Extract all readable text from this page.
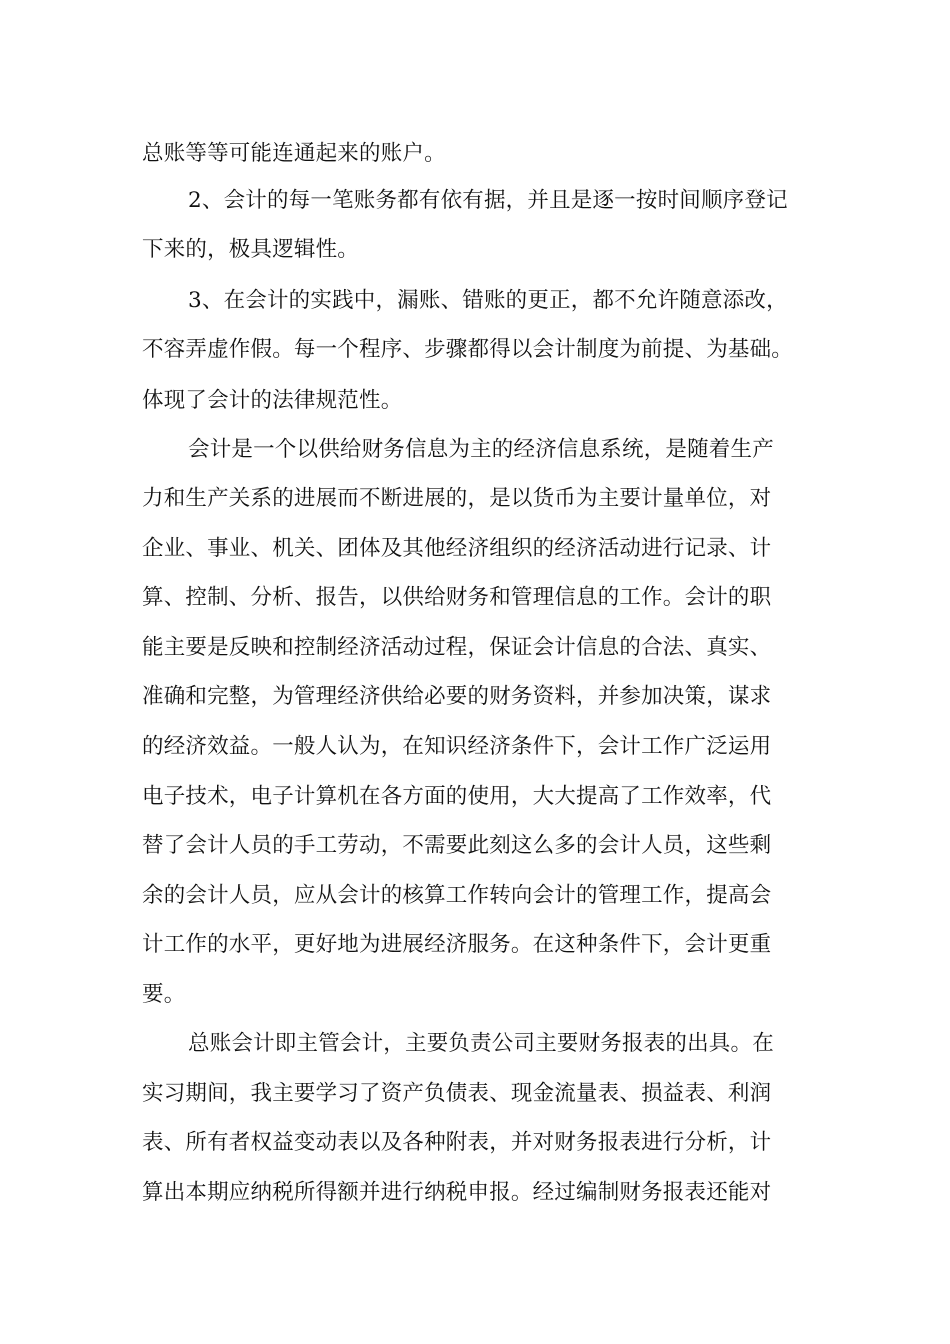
总账等等可能连通起来的账户。
2、会计的每一笔账务都有依有据，并且是逐一按时间顺序登记
下来的，极具逻辑性。
3、在会计的实践中，漏账、错账的更正，都不允许随意添改，
不容弄虚作假。每一个程序、步骤都得以会计制度为前提、为基础。
体现了会计的法律规范性。
会计是一个以供给财务信息为主的经济信息系统，是随着生产
力和生产关系的进展而不断进展的，是以货币为主要计量单位，对
企业、事业、机关、团体及其他经济组织的经济活动进行记录、计
算、控制、分析、报告，以供给财务和管理信息的工作。会计的职
能主要是反映和控制经济活动过程，保证会计信息的合法、真实、
准确和完整，为管理经济供给必要的财务资料，并参加决策，谋求
的经济效益。一般人认为，在知识经济条件下，会计工作广泛运用
电子技术，电子计算机在各方面的使用，大大提高了工作效率，代
替了会计人员的手工劳动，不需要此刻这么多的会计人员，这些剩
余的会计人员，应从会计的核算工作转向会计的管理工作，提高会
计工作的水平，更好地为进展经济服务。在这种条件下，会计更重
要。
总账会计即主管会计，主要负责公司主要财务报表的出具。在
实习期间，我主要学习了资产负债表、现金流量表、损益表、利润
表、所有者权益变动表以及各种附表，并对财务报表进行分析，计
算出本期应纳税所得额并进行纳税申报。经过编制财务报表还能对
